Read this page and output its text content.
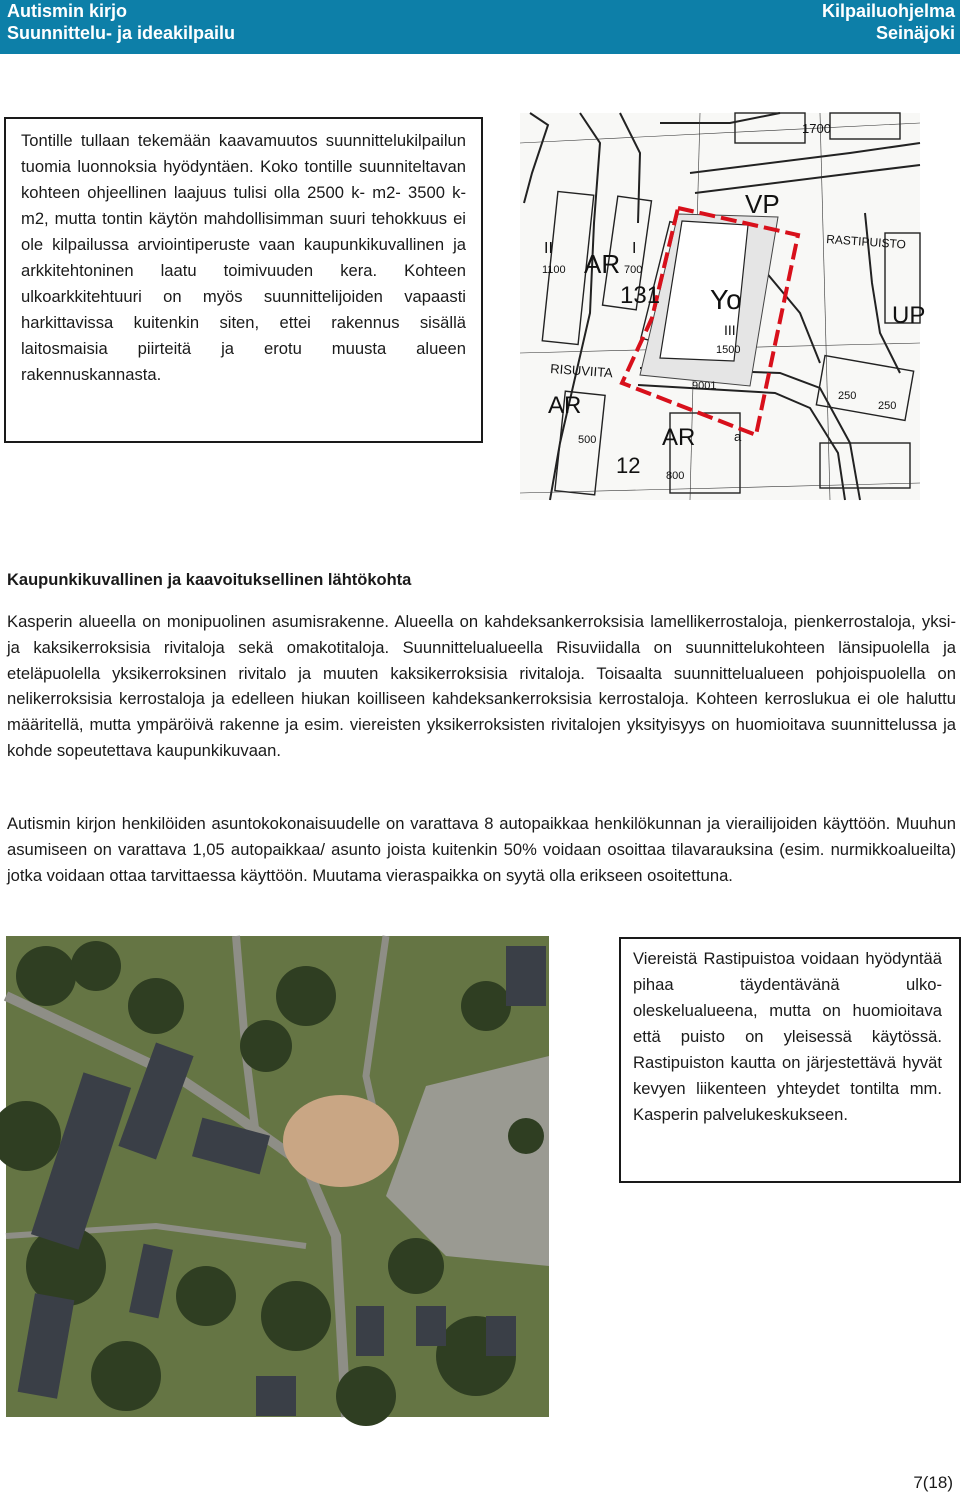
Autismin kirjo
Suunnittelu- ja ideakilpailu
Kilpailuohjelma
Seinäjoki

Tontille tullaan tekemään kaavamuutos suunnittelukilpailun tuomia luonnoksia hyödyntäen. Koko tontille suunniteltavan kohteen ohjeellinen laajuus tulisi olla 2500 k- m2- 3500 k-m2, mutta tontin käytön mahdollisimman suuri tehokkuus ei ole kilpailussa arviointiperuste vaan kaupunkikuvallinen ja arkkitehtoninen laatu toimivuuden kera. Kohteen ulkoarkkitehtuuri on myös suunnittelijoiden vapaasti harkittavissa kuitenkin siten, ettei rakennus sisällä laitosmaisia piirteitä ja erotu muusta alueen rakennuskannasta.

VP
RASTIPUISTO
AR
II	I
1100	700
131 Yo
III
1500
RISUVIITA
9001
UP
AR
AR
12
500
800
250
250
1700
a
Kaupunkikuvallinen ja kaavoituksellinen lähtökohta

Kasperin alueella on monipuolinen asumisrakenne. Alueella on kahdeksankerroksisia lamellikerrostaloja, pienkerrostaloja, yksi- ja kaksikerroksisia rivitaloja sekä omakotitaloja. Suunnittelualueella Risuviidalla on suunnittelukohteen länsipuolella ja eteläpuolella yksikerroksinen rivitalo ja muuten kaksikerroksisia rivitaloja. Toisaalta suunnittelualueen pohjoispuolella on nelikerroksisia kerrostaloja ja edelleen hiukan koilliseen kahdeksankerroksisia kerrostaloja. Kohteen kerroslukua ei ole haluttu määritellä, mutta ympäröivä rakenne ja esim. viereisten yksikerroksisten rivitalojen yksityisyys on huomioitava suunnittelussa ja kohde sopeutettava kaupunkikuvaan.

Autismin kirjon henkilöiden asuntokokonaisuudelle on varattava 8 autopaikkaa henkilökunnan ja vierailijoiden käyttöön. Muuhun asumiseen on varattava 1,05 autopaikkaa/ asunto joista kuitenkin 50% voidaan osoittaa tilavarauksina (esim. nurmikkoalueilta) jotka voidaan ottaa tarvittaessa käyttöön. Muutama vieraspaikka on syytä olla erikseen osoitettuna.

Viereistä Rastipuistoa voidaan hyödyntää pihaa täydentävänä ulko-oleskelualueena, mutta on huomioitava että puisto on yleisessä käytössä. Rastipuiston kautta on järjestettävä hyvät kevyen liikenteen yhteydet tontilta mm. Kasperin palvelukeskukseen.

7(18)
